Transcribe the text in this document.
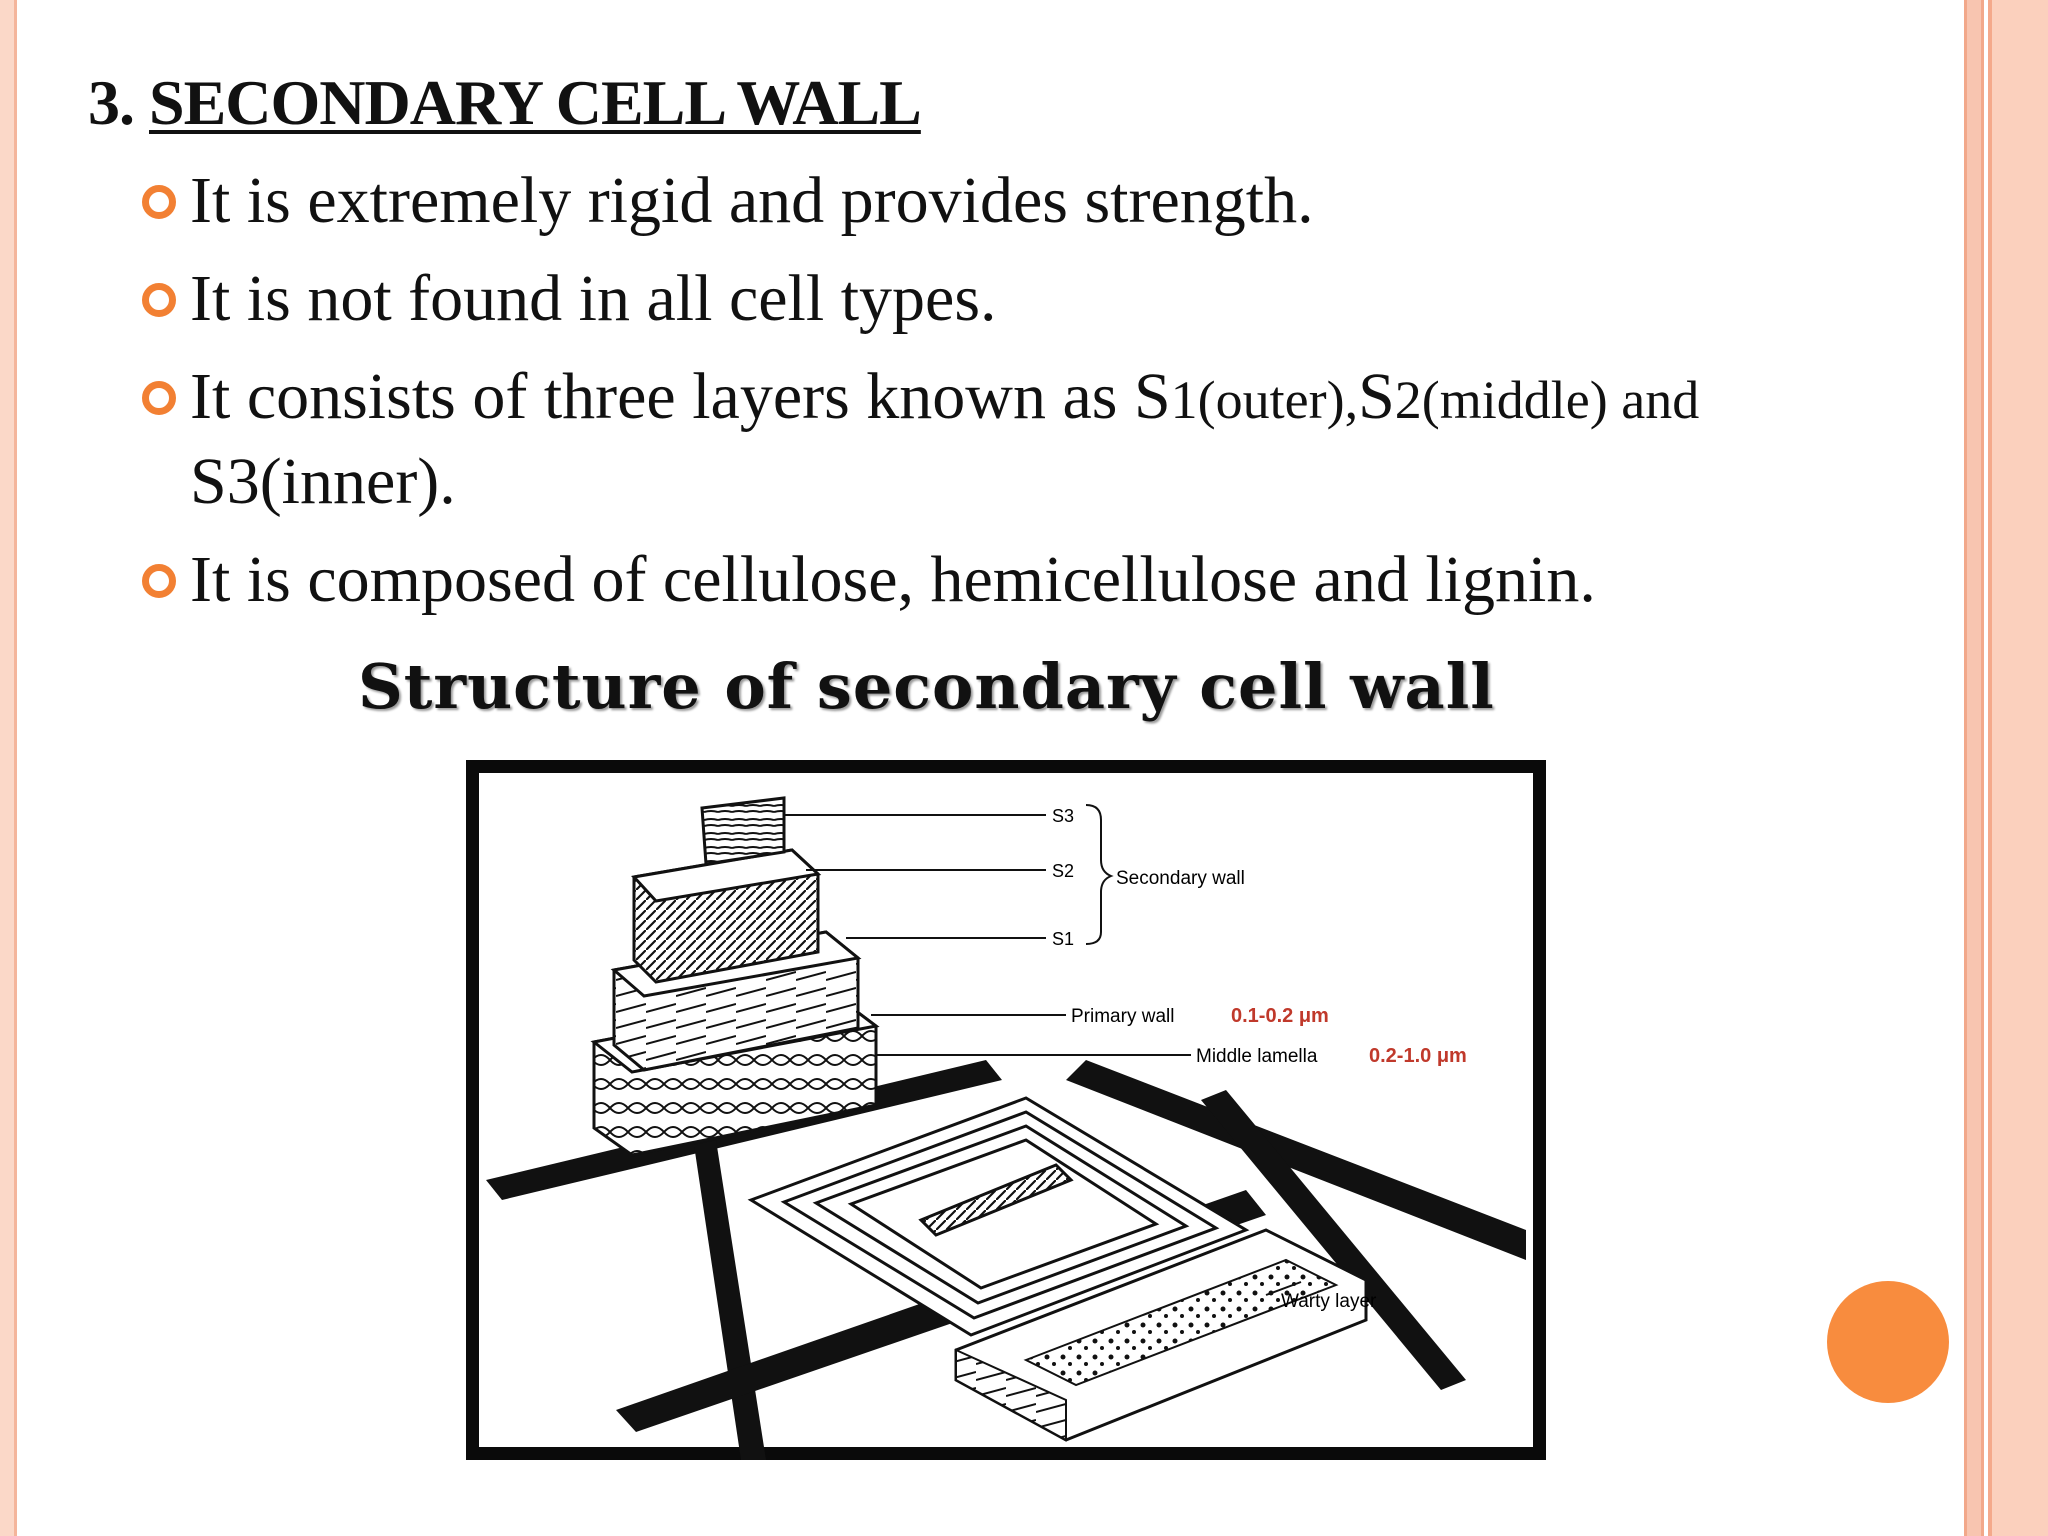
3. SECONDARY CELL WALL
It is extremely rigid and provides strength.
It is not found in all cell types.
It consists of three layers known as S1(outer),S2(middle) and
S3(inner).
It is composed of cellulose, hemicellulose and lignin.
Structure of secondary cell wall
S3
S2
S1
Secondary wall
Primary wall	0.1-0.2 μm
Middle lamella	0.2-1.0 μm
Warty layer
